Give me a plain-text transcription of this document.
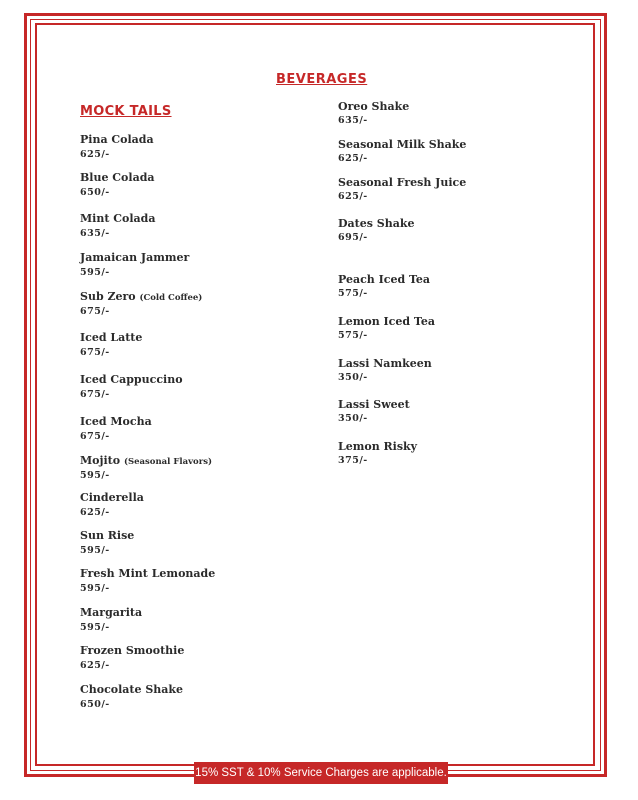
BEVERAGES
MOCK TAILS
Pina Colada
625/-
Blue Colada
650/-
Mint Colada
635/-
Jamaican Jammer
595/-
Sub Zero (Cold Coffee)
675/-
Iced Latte
675/-
Iced Cappuccino
675/-
Iced Mocha
675/-
Mojito (Seasonal Flavors)
595/-
Cinderella
625/-
Sun Rise
595/-
Fresh Mint Lemonade
595/-
Margarita
595/-
Frozen Smoothie
625/-
Chocolate Shake
650/-
Oreo Shake
635/-
Seasonal Milk Shake
625/-
Seasonal Fresh Juice
625/-
Dates Shake
695/-
Peach Iced Tea
575/-
Lemon Iced Tea
575/-
Lassi Namkeen
350/-
Lassi Sweet
350/-
Lemon Risky
375/-
15% SST & 10% Service Charges are applicable.
